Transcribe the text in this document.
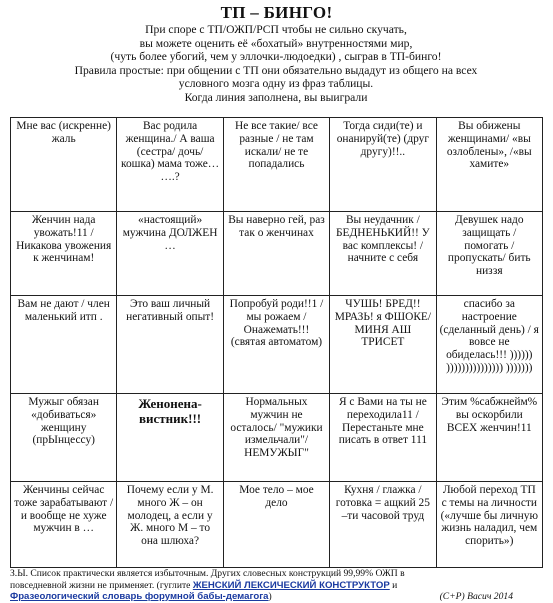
ТП – БИНГО!
При споре с ТП/ОЖП/РСП чтобы не сильно скучать,
вы можете оценить её «бохатый» внутренностями мир,
(чуть более убогий, чем у эллочки-людоедки) , сыграв в ТП-бинго!
Правила простые: при общении с ТП они обязательно выдадут из общего на всех
условного мозга одну из фраз таблицы.
Когда линия заполнена, вы выиграли
Мне вас (искренне) жаль	Вас родила женщина./ А ваша (сестра/ дочь/ кошка) мама тоже… ….?	Не все такие/ все разные / не там искали/ не те попадались	Тогда сиди(те) и онанируй(те) (друг другу)!!..	Вы обижены женщинами/ «вы озлоблены», /«вы хамите»
Женчин нада увожать!11 /Никакова увожения к женчинам!	«настоящий» мужчина ДОЛЖЕН …	Вы наверно гей, раз так о женчинах	Вы неудачник / БЕДНЕНЬКИЙ!! У вас комплексы! / начните с себя	Девушек надо защищать / помогать / пропускать/ бить низзя
Вам не дают / член маленький итп .	Это ваш личный негативный опыт!	Попробуй роди!!1 / мы рожаем / Онажемать!!! (святая автоматом)	ЧУШЬ! БРЕД!! МРАЗЬ! я ФШОКЕ/ МИНЯ АШ ТРИСЕТ	спасибо за настроение (сделанный день) / я вовсе не обиделась!!! )))))) ))))))))))))))) )))))))
Мужыг обязан «добиваться» женщину (прЫнцессу)	Женонена-вистник!!!	Нормальных мужчин не осталось/ "мужики измельчали"/ НЕМУЖЫГ"	Я с Вами на ты не переходила11 / Перестаньте мне писать в ответ 111	Этим %сабжнейм% вы оскорбили ВСЕХ женчин!11
Женчины сейчас тоже зарабатывают / и вообще не хуже мужчин в …	Почему если у М. много Ж – он молодец, а если у Ж. много М – то она шлюха?	Мое тело – мое дело	Кухня / глажка / готовка = ащкий 25 –ти часовой труд	Любой переход ТП с темы на личности («лучше бы личную жизнь наладил, чем спорить»)
З.Ы. Список практически является избыточным. Других словесных конструкций 99,99% ОЖП в
повседневной жизни не применяет. (гуглите ЖЕНСКИЙ ЛЕКСИЧЕСКИЙ КОНСТРУКТОР и
Фразеологический словарь форумной бабы-демагога)	(С+Р) Васич 2014
